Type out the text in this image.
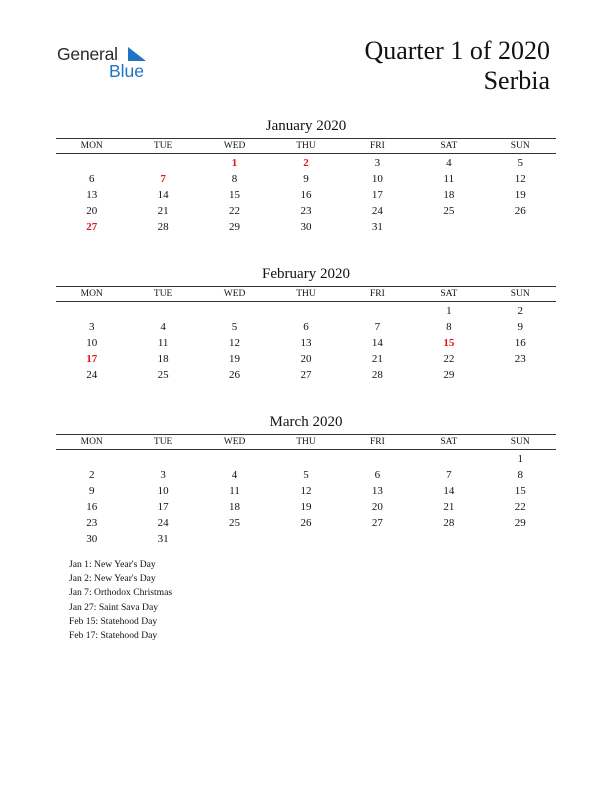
General
Blue
Quarter 1 of 2020
Serbia
January 2020
MON	TUE	WED	THU	FRI	SAT	SUN
		1	2	3	4	5
6	7	8	9	10	11	12
13	14	15	16	17	18	19
20	21	22	23	24	25	26
27	28	29	30	31		
February 2020
MON	TUE	WED	THU	FRI	SAT	SUN
					1	2
3	4	5	6	7	8	9
10	11	12	13	14	15	16
17	18	19	20	21	22	23
24	25	26	27	28	29	
March 2020
MON	TUE	WED	THU	FRI	SAT	SUN
						1
2	3	4	5	6	7	8
9	10	11	12	13	14	15
16	17	18	19	20	21	22
23	24	25	26	27	28	29
30	31					
Jan 1: New Year's Day
Jan 2: New Year's Day
Jan 7: Orthodox Christmas
Jan 27: Saint Sava Day
Feb 15: Statehood Day
Feb 17: Statehood Day
